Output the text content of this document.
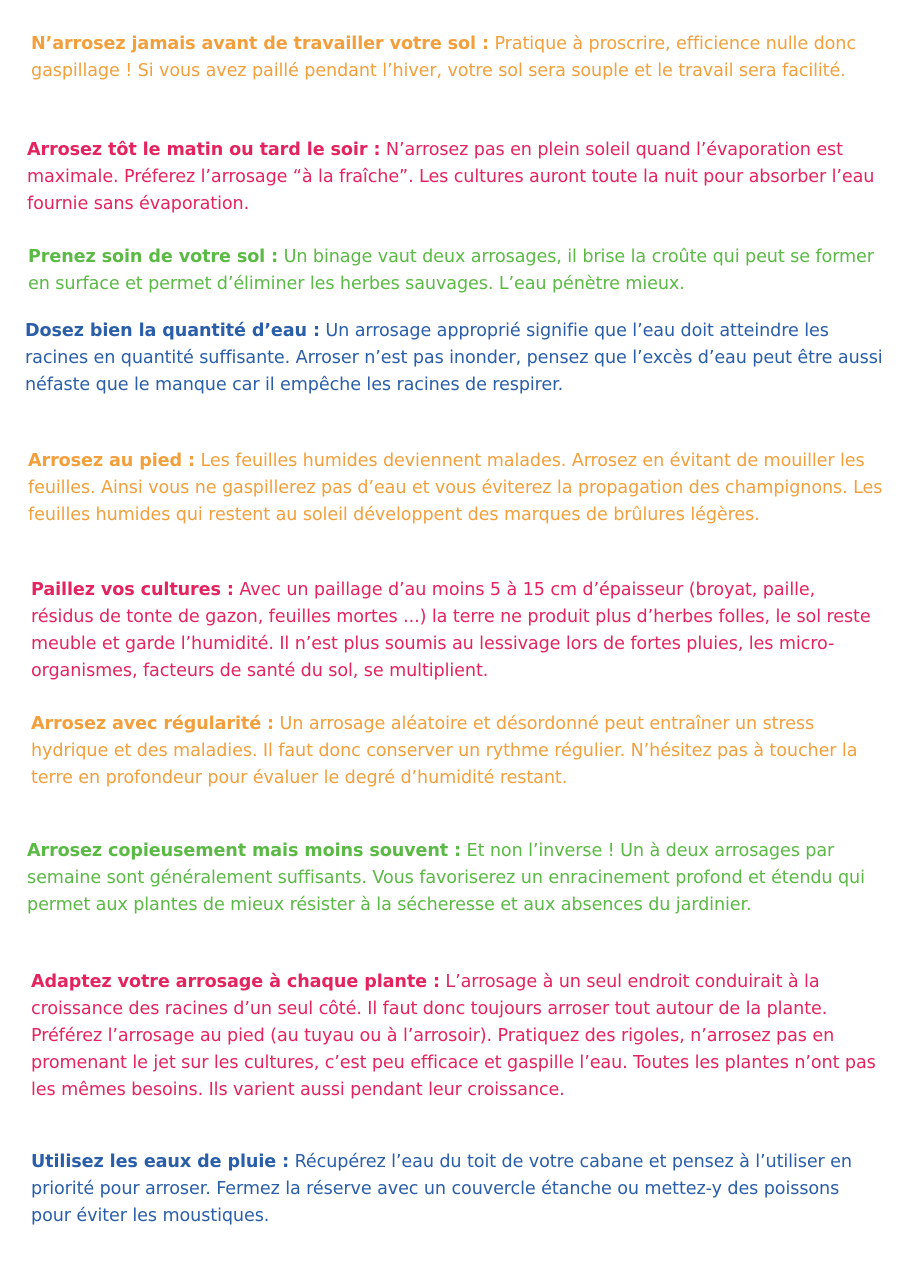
N’arrosez jamais avant de travailler votre sol : Pratique à proscrire, efficience nulle donc gaspillage ! Si vous avez paillé pendant l’hiver, votre sol sera souple et le travail sera facilité.

Arrosez tôt le matin ou tard le soir : N’arrosez pas en plein soleil quand l’évaporation est maximale. Préferez l’arrosage “à la fraîche”. Les cultures auront toute la nuit pour absorber l’eau fournie sans évaporation.

Prenez soin de votre sol : Un binage vaut deux arrosages, il brise la croûte qui peut se former en surface et permet d’éliminer les herbes sauvages. L’eau pénètre mieux.

Dosez bien la quantité d’eau : Un arrosage approprié signifie que l’eau doit atteindre les racines en quantité suffisante. Arroser n’est pas inonder, pensez que l’excès d’eau peut être aussi néfaste que le manque car il empêche les racines de respirer.

Arrosez au pied : Les feuilles humides deviennent malades. Arrosez en évitant de mouiller les feuilles. Ainsi vous ne gaspillerez pas d’eau et vous éviterez la propagation des champignons. Les feuilles humides qui restent au soleil développent des marques de brûlures légères.

Paillez vos cultures : Avec un paillage d’au moins 5 à 15 cm d’épaisseur (broyat, paille, résidus de tonte de gazon, feuilles mortes ...) la terre ne produit plus d’herbes folles, le sol reste meuble et garde l’humidité. Il n’est plus soumis au lessivage lors de fortes pluies, les micro-organismes, facteurs de santé du sol, se multiplient.

Arrosez avec régularité : Un arrosage aléatoire et désordonné peut entraîner un stress hydrique et des maladies. Il faut donc conserver un rythme régulier. N’hésitez pas à toucher la terre en profondeur pour évaluer le degré d’humidité restant.

Arrosez copieusement mais moins souvent : Et non l’inverse ! Un à deux arrosages par semaine sont généralement suffisants. Vous favoriserez un enracinement profond et étendu qui permet aux plantes de mieux résister à la sécheresse et aux absences du jardinier.

Adaptez votre arrosage à chaque plante : L’arrosage à un seul endroit conduirait à la croissance des racines d’un seul côté. Il faut donc toujours arroser tout autour de la plante. Préférez l’arrosage au pied (au tuyau ou à l’arrosoir). Pratiquez des rigoles, n’arrosez pas en promenant le jet sur les cultures, c’est peu efficace et gaspille l’eau. Toutes les plantes n’ont pas les mêmes besoins. Ils varient aussi pendant leur croissance.

Utilisez les eaux de pluie : Récupérez l’eau du toit de votre cabane et pensez à l’utiliser en priorité pour arroser. Fermez la réserve avec un couvercle étanche ou mettez-y des poissons pour éviter les moustiques.
